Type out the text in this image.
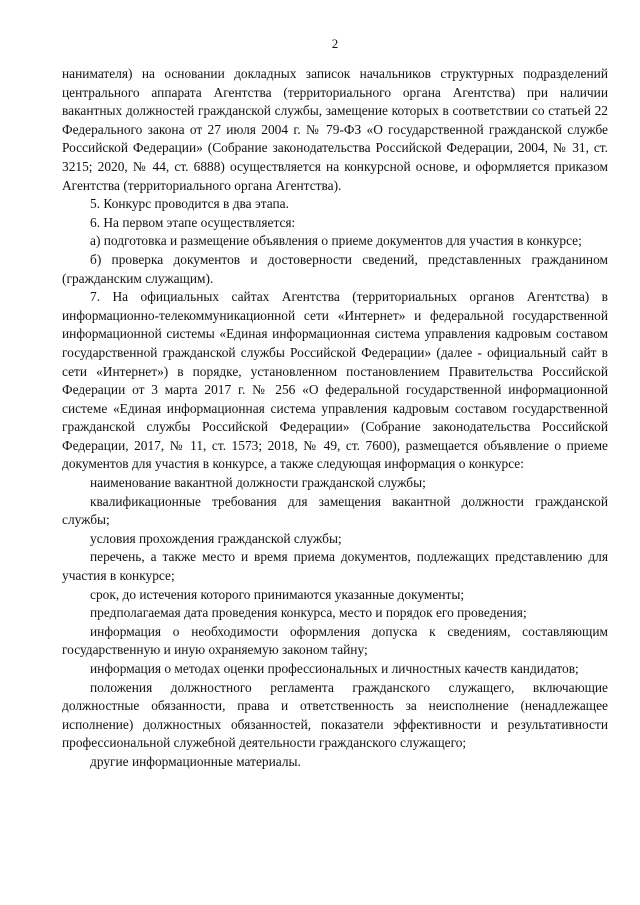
2

нанимателя) на основании докладных записок начальников структурных подразделений центрального аппарата Агентства (территориального органа Агентства) при наличии вакантных должностей гражданской службы, замещение которых в соответствии со статьей 22 Федерального закона от 27 июля 2004 г. № 79-ФЗ «О государственной гражданской службе Российской Федерации» (Собрание законодательства Российской Федерации, 2004, № 31, ст. 3215; 2020, № 44, ст. 6888) осуществляется на конкурсной основе, и оформляется приказом Агентства (территориального органа Агентства).

5. Конкурс проводится в два этапа.

6. На первом этапе осуществляется:

а) подготовка и размещение объявления о приеме документов для участия в конкурсе;

б) проверка документов и достоверности сведений, представленных гражданином (гражданским служащим).

7. На официальных сайтах Агентства (территориальных органов Агентства) в информационно-телекоммуникационной сети «Интернет» и федеральной государственной информационной системы «Единая информационная система управления кадровым составом государственной гражданской службы Российской Федерации» (далее - официальный сайт в сети «Интернет») в порядке, установленном постановлением Правительства Российской Федерации от 3 марта 2017 г. № 256 «О федеральной государственной информационной системе «Единая информационная система управления кадровым составом государственной гражданской службы Российской Федерации» (Собрание законодательства Российской Федерации, 2017, № 11, ст. 1573; 2018, № 49, ст. 7600), размещается объявление о приеме документов для участия в конкурсе, а также следующая информация о конкурсе:

наименование вакантной должности гражданской службы;

квалификационные требования для замещения вакантной должности гражданской службы;

условия прохождения гражданской службы;

перечень, а также место и время приема документов, подлежащих представлению для участия в конкурсе;

срок, до истечения которого принимаются указанные документы;

предполагаемая дата проведения конкурса, место и порядок его проведения;

информация о необходимости оформления допуска к сведениям, составляющим государственную и иную охраняемую законом тайну;

информация о методах оценки профессиональных и личностных качеств кандидатов;

положения должностного регламента гражданского служащего, включающие должностные обязанности, права и ответственность за неисполнение (ненадлежащее исполнение) должностных обязанностей, показатели эффективности и результативности профессиональной служебной деятельности гражданского служащего;

другие информационные материалы.
